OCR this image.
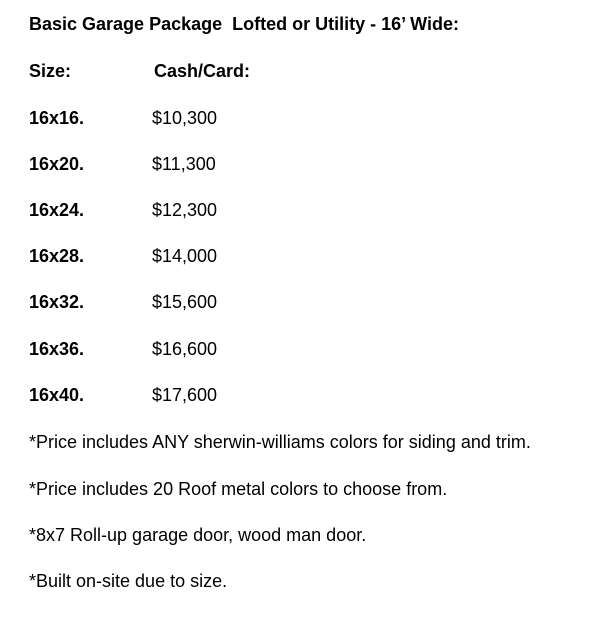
Basic Garage Package  Lofted or Utility - 16’ Wide:
Size:	Cash/Card:
16x16.	$10,300
16x20.	$11,300
16x24.	$12,300
16x28.	$14,000
16x32.	$15,600
16x36.	$16,600
16x40.	$17,600
*Price includes ANY sherwin-williams colors for siding and trim.
*Price includes 20 Roof metal colors to choose from.
*8x7 Roll-up garage door, wood man door.
*Built on-site due to size.
